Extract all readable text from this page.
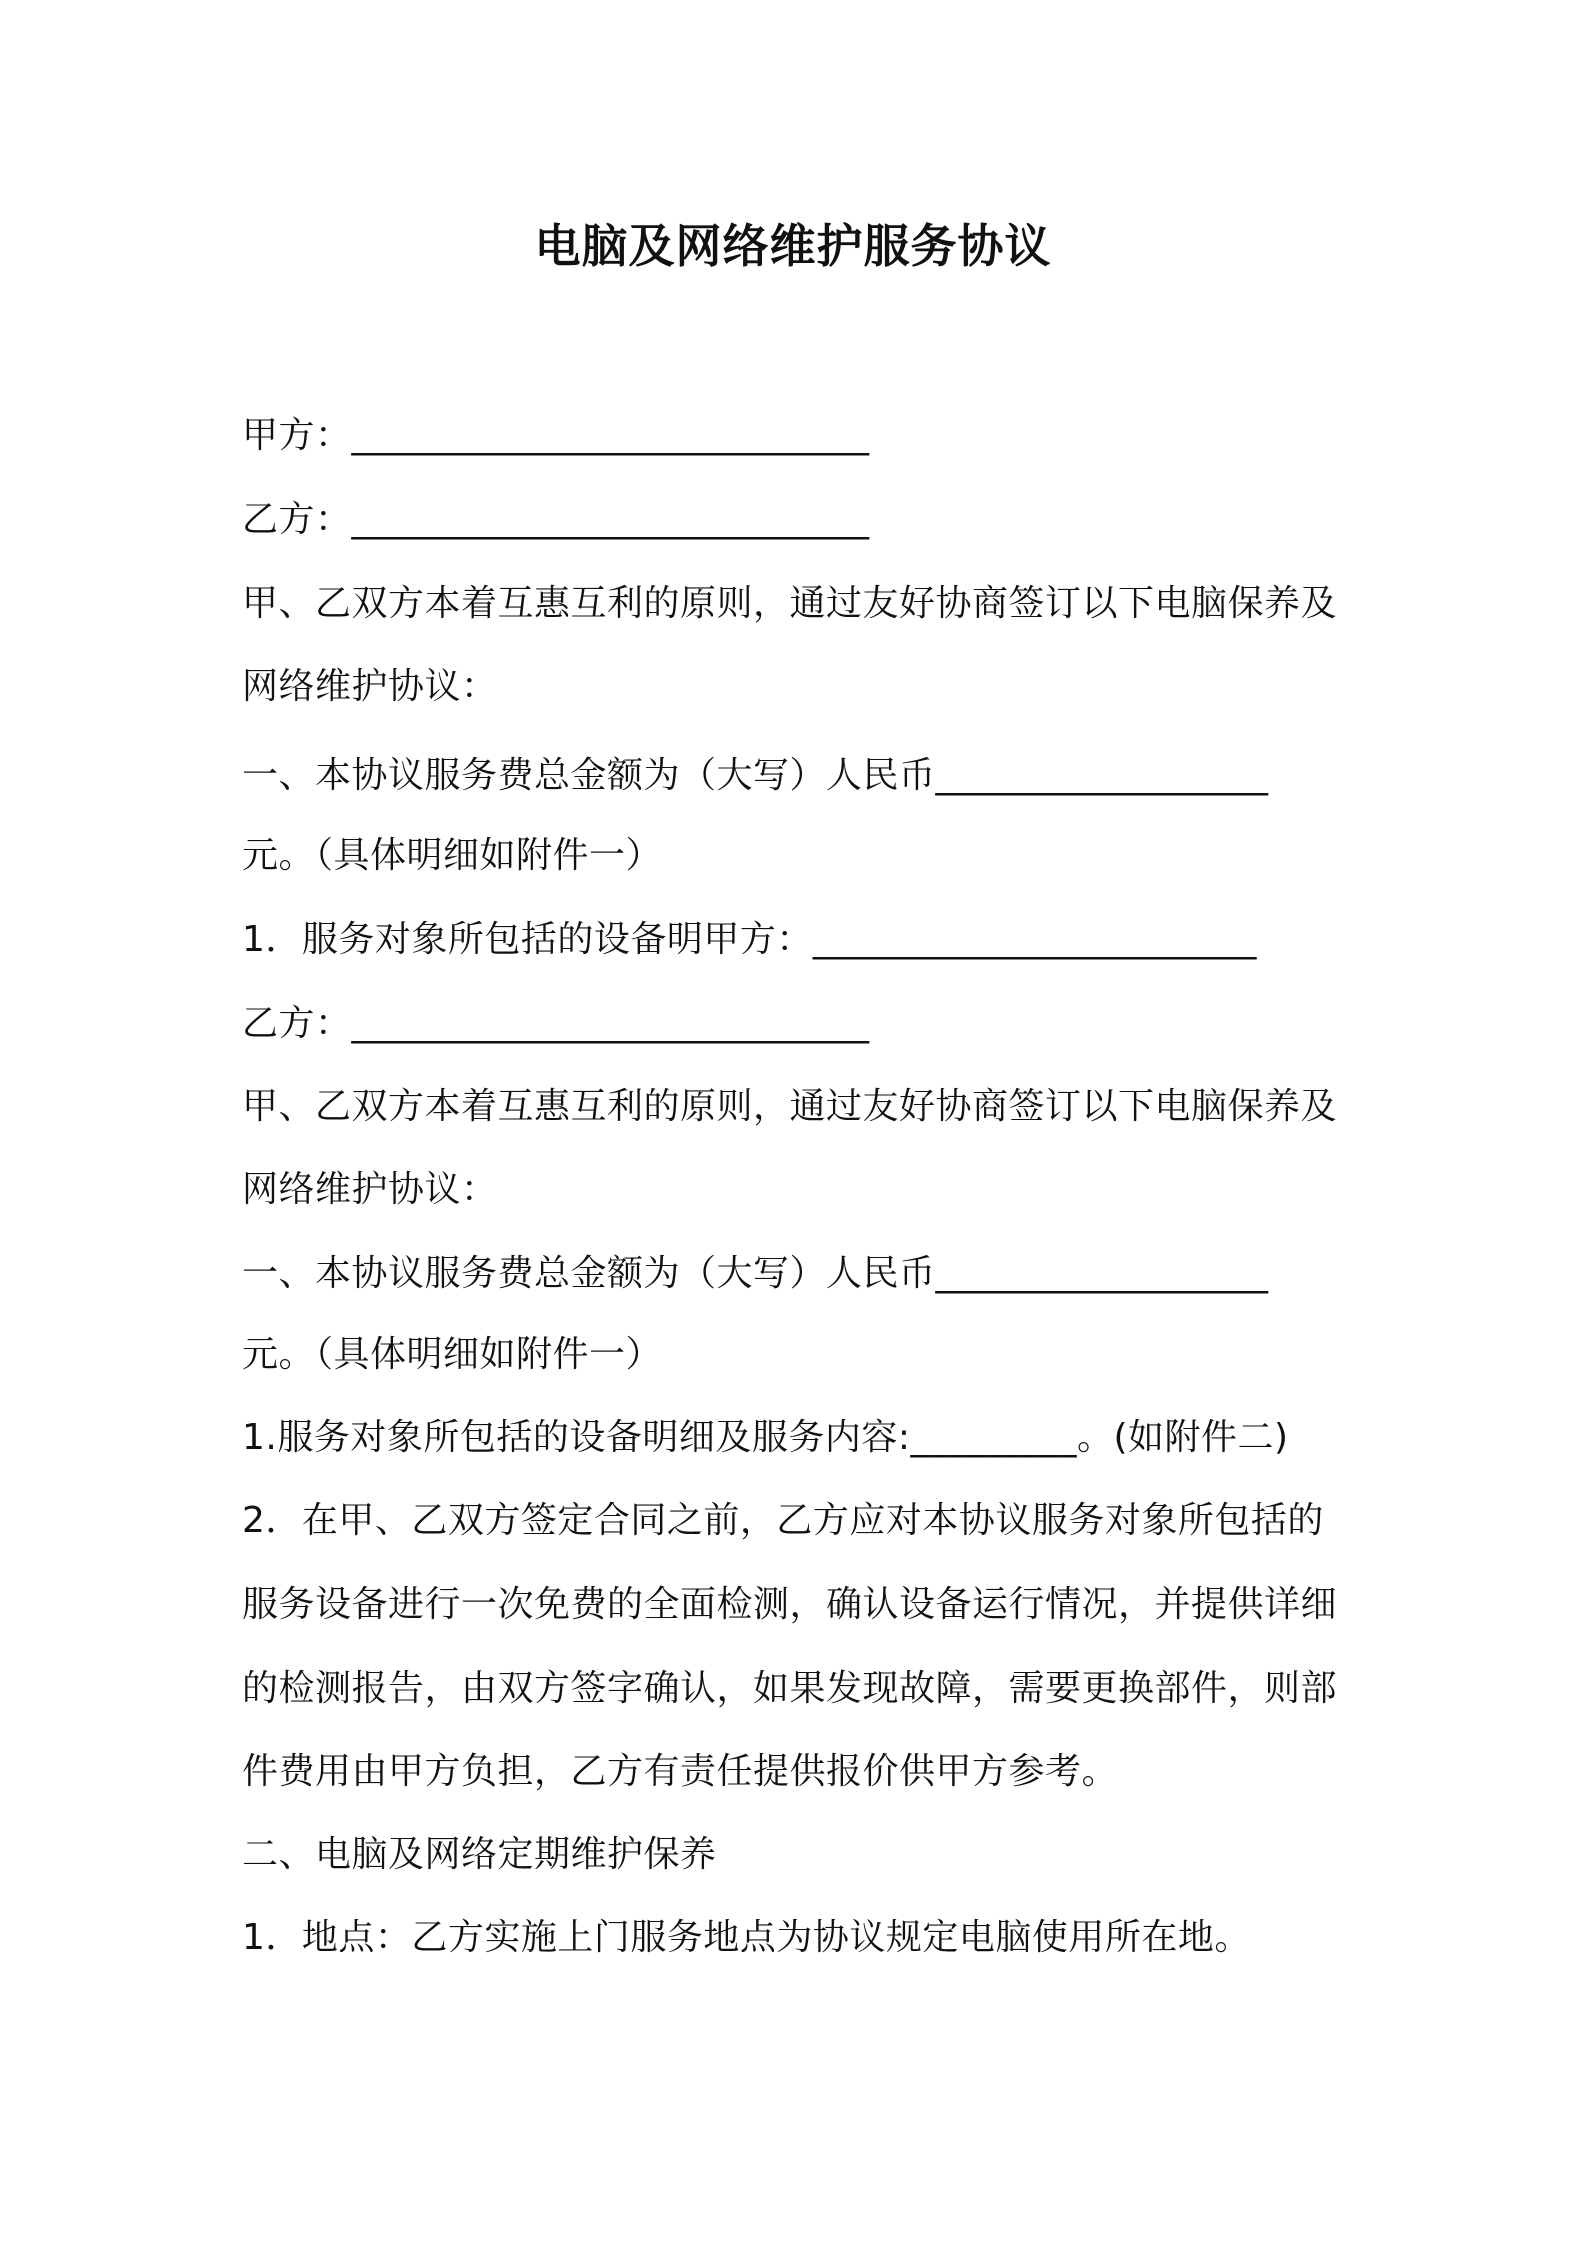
电脑及网络维护服务协议
甲方：____________________________
乙方：____________________________
甲、乙双方本着互惠互利的原则，通过友好协商签订以下电脑保养及
网络维护协议：
一、本协议服务费总金额为（大写）人民币__________________
元。（具体明细如附件一）
1．服务对象所包括的设备明甲方：________________________
乙方：____________________________
甲、乙双方本着互惠互利的原则，通过友好协商签订以下电脑保养及
网络维护协议：
一、本协议服务费总金额为（大写）人民币__________________
元。（具体明细如附件一）
1.服务对象所包括的设备明细及服务内容:_________。(如附件二)
2．在甲、乙双方签定合同之前，乙方应对本协议服务对象所包括的
服务设备进行一次免费的全面检测，确认设备运行情况，并提供详细
的检测报告，由双方签字确认，如果发现故障，需要更换部件，则部
件费用由甲方负担，乙方有责任提供报价供甲方参考。
二、电脑及网络定期维护保养
1．地点：乙方实施上门服务地点为协议规定电脑使用所在地。
